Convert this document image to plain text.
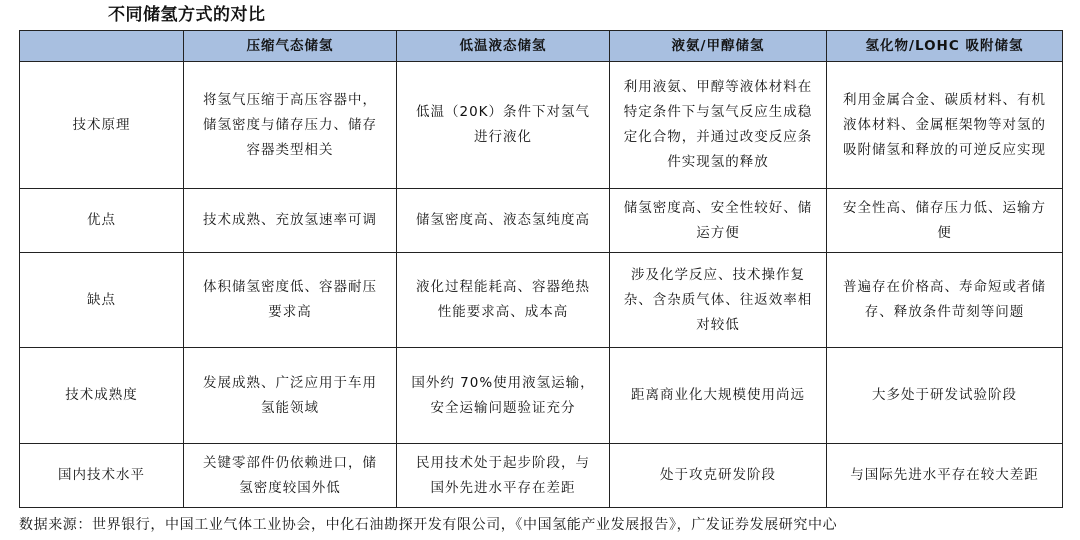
不同储氢方式的对比
	压缩气态储氢	低温液态储氢	液氨/甲醇储氢	氢化物/LOHC 吸附储氢
技术原理	将氢气压缩于高压容器中，储氢密度与储存压力、储存容器类型相关	低温（20K）条件下对氢气进行液化	利用液氨、甲醇等液体材料在特定条件下与氢气反应生成稳定化合物，并通过改变反应条件实现氢的释放	利用金属合金、碳质材料、有机液体材料、金属框架物等对氢的吸附储氢和释放的可逆反应实现
优点	技术成熟、充放氢速率可调	储氢密度高、液态氢纯度高	储氢密度高、安全性较好、储运方便	安全性高、储存压力低、运输方便
缺点	体积储氢密度低、容器耐压要求高	液化过程能耗高、容器绝热性能要求高、成本高	涉及化学反应、技术操作复杂、含杂质气体、往返效率相对较低	普遍存在价格高、寿命短或者储存、释放条件苛刻等问题
技术成熟度	发展成熟、广泛应用于车用氢能领域	国外约 70%使用液氢运输，安全运输问题验证充分	距离商业化大规模使用尚远	大多处于研发试验阶段
国内技术水平	关键零部件仍依赖进口，储氢密度较国外低	民用技术处于起步阶段，与国外先进水平存在差距	处于攻克研发阶段	与国际先进水平存在较大差距
数据来源：世界银行，中国工业气体工业协会，中化石油勘探开发有限公司，《中国氢能产业发展报告》，广发证券发展研究中心
